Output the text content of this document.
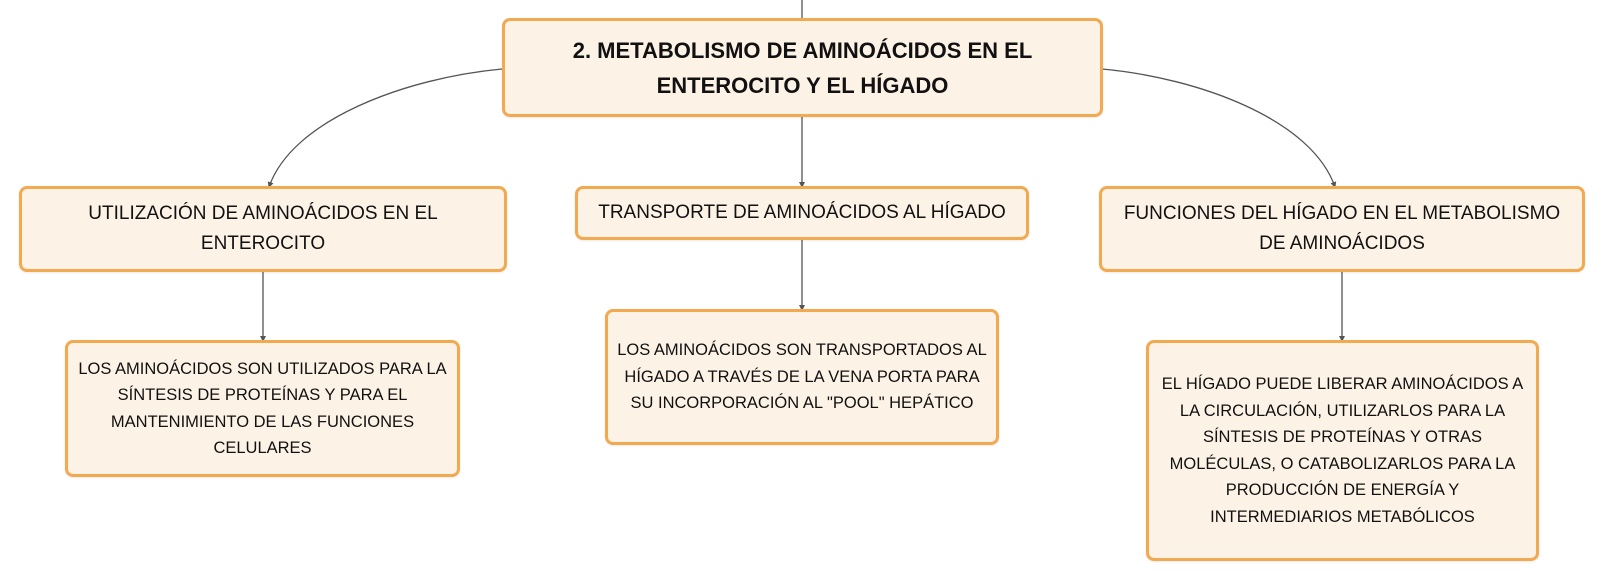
2. METABOLISMO DE AMINOÁCIDOS EN EL ENTEROCITO Y EL HÍGADO
UTILIZACIÓN DE AMINOÁCIDOS EN EL ENTEROCITO
TRANSPORTE DE AMINOÁCIDOS AL HÍGADO	FUNCIONES DEL HÍGADO EN EL METABOLISMO DE AMINOÁCIDOS
LOS AMINOÁCIDOS SON UTILIZADOS PARA LA SÍNTESIS DE PROTEÍNAS Y PARA EL MANTENIMIENTO DE LAS FUNCIONES CELULARES
LOS AMINOÁCIDOS SON TRANSPORTADOS AL HÍGADO A TRAVÉS DE LA VENA PORTA PARA SU INCORPORACIÓN AL "POOL" HEPÁTICO
EL HÍGADO PUEDE LIBERAR AMINOÁCIDOS A LA CIRCULACIÓN, UTILIZARLOS PARA LA SÍNTESIS DE PROTEÍNAS Y OTRAS MOLÉCULAS, O CATABOLIZARLOS PARA LA PRODUCCIÓN DE ENERGÍA Y INTERMEDIARIOS METABÓLICOS
